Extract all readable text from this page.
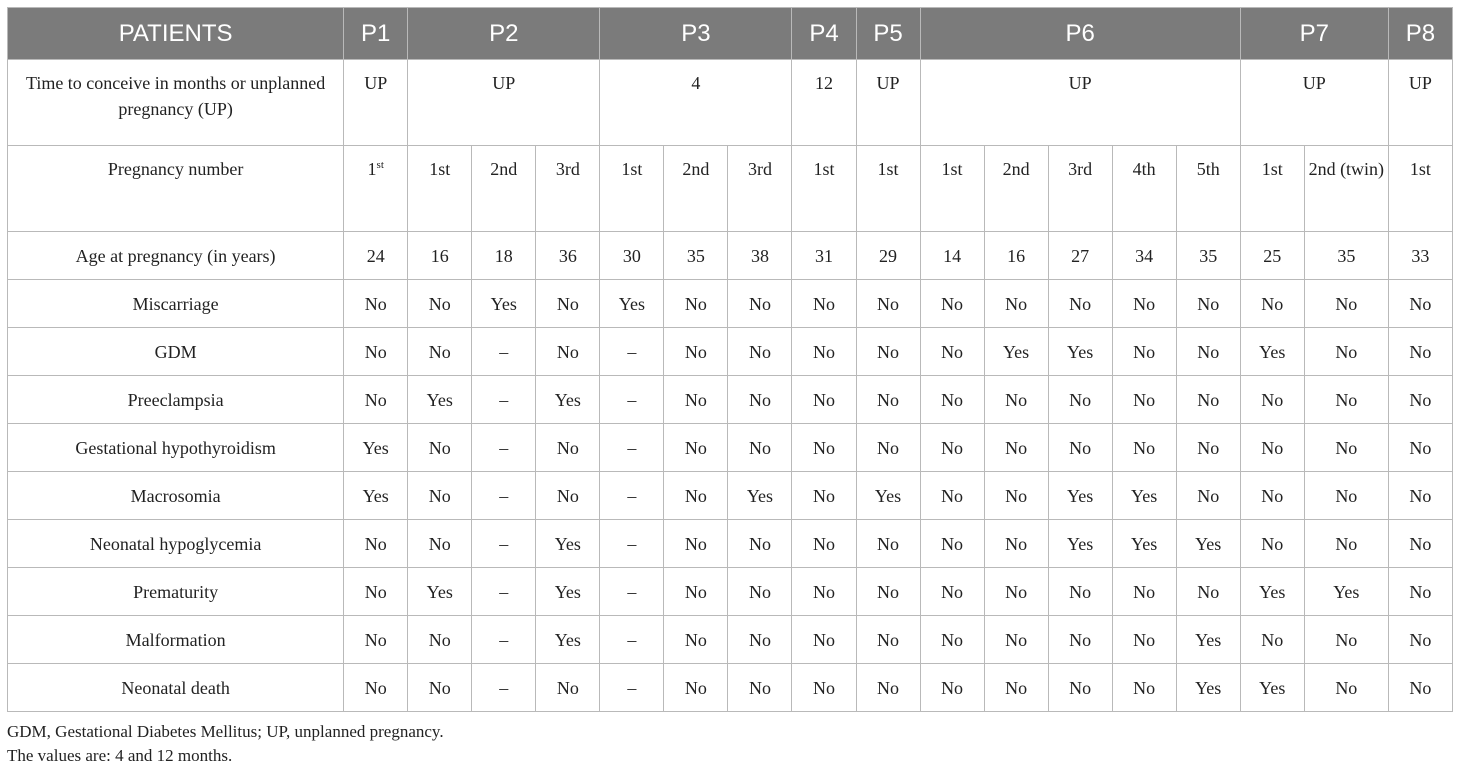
PATIENTS	P1	P2			P3			P4	P5	P6					P7		P8
Time to conceive in months or unplanned pregnancy (UP)	UP	UP			4			12	UP	UP					UP		UP
Pregnancy number	1st	1st	2nd	3rd	1st	2nd	3rd	1st	1st	1st	2nd	3rd	4th	5th	1st	2nd (twin)	1st
Age at pregnancy (in years)	24	16	18	36	30	35	38	31	29	14	16	27	34	35	25	35	33
Miscarriage	No	No	Yes	No	Yes	No	No	No	No	No	No	No	No	No	No	No	No
GDM	No	No	–	No	–	No	No	No	No	No	Yes	Yes	No	No	Yes	No	No
Preeclampsia	No	Yes	–	Yes	–	No	No	No	No	No	No	No	No	No	No	No	No
Gestational hypothyroidism	Yes	No	–	No	–	No	No	No	No	No	No	No	No	No	No	No	No
Macrosomia	Yes	No	–	No	–	No	Yes	No	Yes	No	No	Yes	Yes	No	No	No	No
Neonatal hypoglycemia	No	No	–	Yes	–	No	No	No	No	No	No	Yes	Yes	Yes	No	No	No
Prematurity	No	Yes	–	Yes	–	No	No	No	No	No	No	No	No	No	Yes	Yes	No
Malformation	No	No	–	Yes	–	No	No	No	No	No	No	No	No	Yes	No	No	No
Neonatal death	No	No	–	No	–	No	No	No	No	No	No	No	No	Yes	Yes	No	No
GDM, Gestational Diabetes Mellitus; UP, unplanned pregnancy.
The values are: 4 and 12 months.
